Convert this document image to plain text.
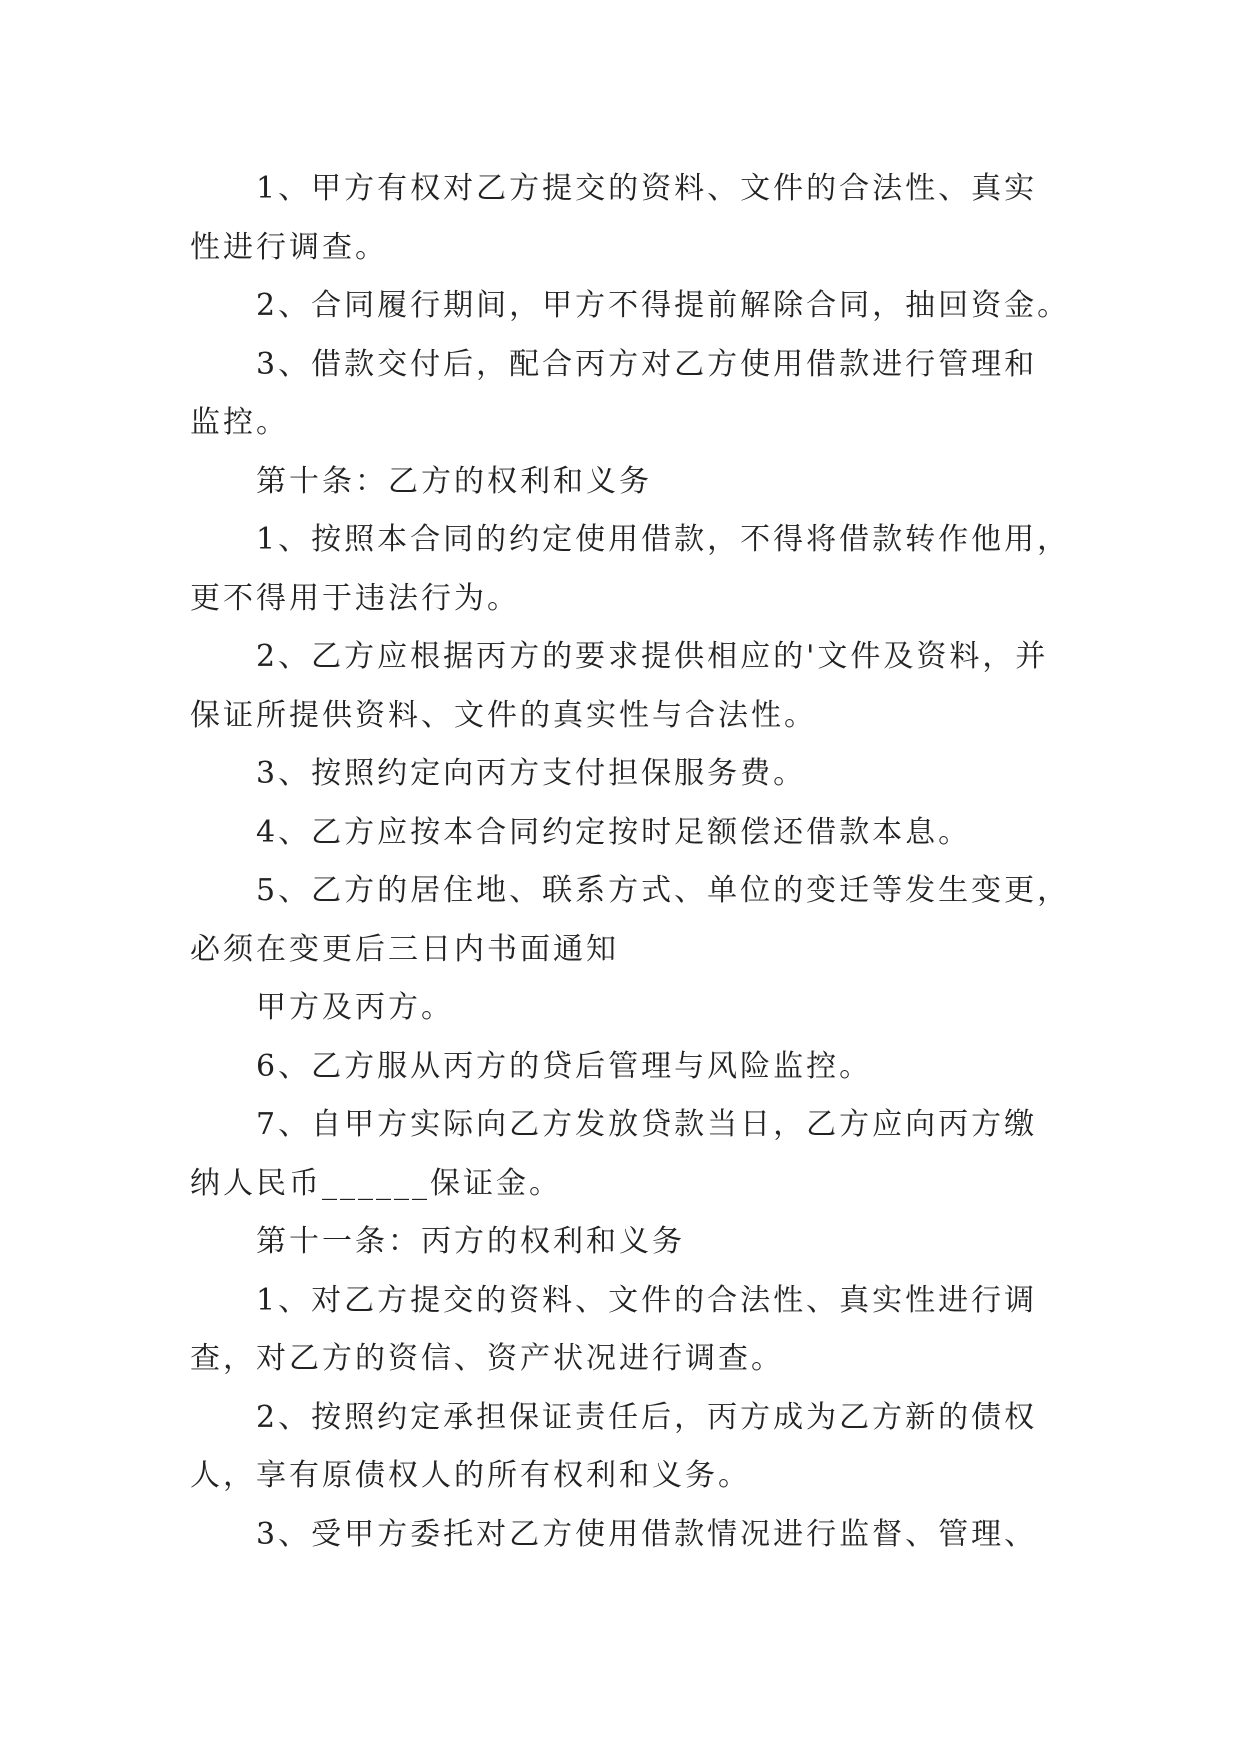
1、甲方有权对乙方提交的资料、文件的合法性、真实
性进行调查。
2、合同履行期间，甲方不得提前解除合同，抽回资金。
3、借款交付后，配合丙方对乙方使用借款进行管理和
监控。
第十条：乙方的权利和义务
1、按照本合同的约定使用借款，不得将借款转作他用，
更不得用于违法行为。
2、乙方应根据丙方的要求提供相应的'文件及资料，并
保证所提供资料、文件的真实性与合法性。
3、按照约定向丙方支付担保服务费。
4、乙方应按本合同约定按时足额偿还借款本息。
5、乙方的居住地、联系方式、单位的变迁等发生变更，
必须在变更后三日内书面通知
甲方及丙方。
6、乙方服从丙方的贷后管理与风险监控。
7、自甲方实际向乙方发放贷款当日，乙方应向丙方缴
纳人民币______保证金。
第十一条：丙方的权利和义务
1、对乙方提交的资料、文件的合法性、真实性进行调
查，对乙方的资信、资产状况进行调查。
2、按照约定承担保证责任后，丙方成为乙方新的债权
人，享有原债权人的所有权利和义务。
3、受甲方委托对乙方使用借款情况进行监督、管理、
